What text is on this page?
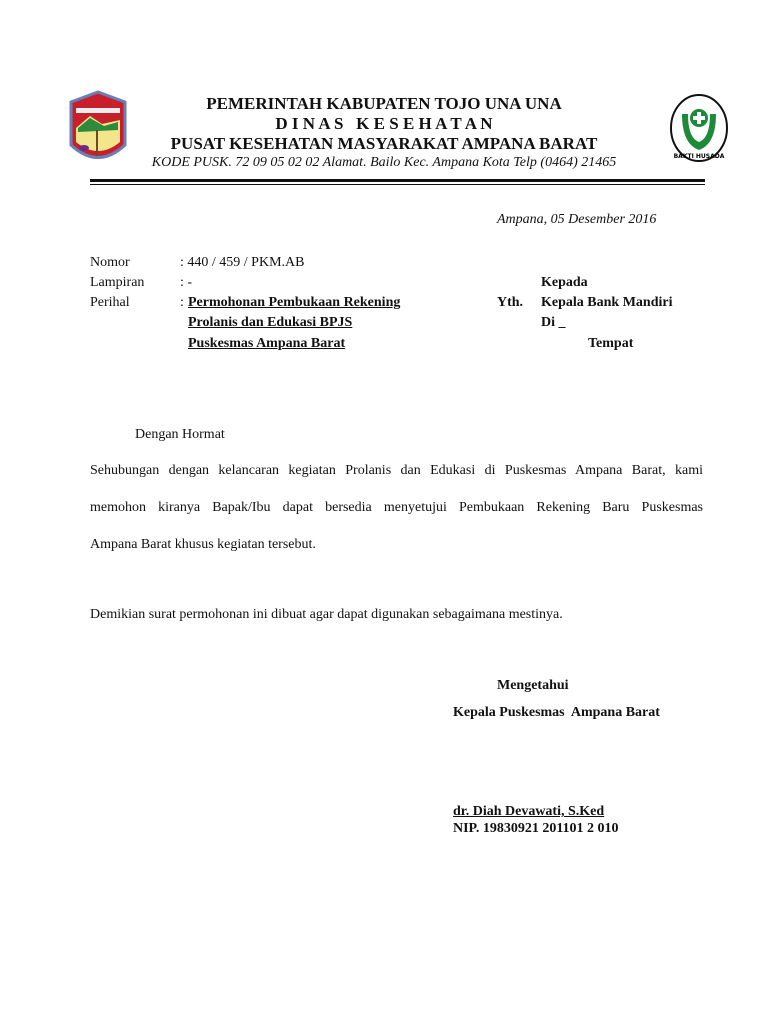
BAKTI HUSADA
PEMERINTAH KABUPATEN TOJO UNA UNA
D I N A S   K E S E H A T A N
PUSAT KESEHATAN MASYARAKAT AMPANA BARAT
KODE PUSK. 72 09 05 02 02 Alamat. Bailo Kec. Ampana Kota Telp (0464) 21465
Ampana, 05 Desember 2016
Nomor	: 440 / 459 / PKM.AB
Lampiran	: -
Perihal	: Permohonan Pembukaan Rekening
Prolanis dan Edukasi BPJS
Puskesmas Ampana Barat
Kepada
Yth. Kepala Bank Mandiri
Di _
Tempat
Dengan Hormat
Sehubungan dengan kelancaran kegiatan Prolanis dan Edukasi di Puskesmas Ampana Barat, kami
memohon kiranya Bapak/Ibu dapat bersedia menyetujui Pembukaan Rekening Baru Puskesmas
Ampana Barat khusus kegiatan tersebut.
Demikian surat permohonan ini dibuat agar dapat digunakan sebagaimana mestinya.
Mengetahui
Kepala Puskesmas  Ampana Barat
dr. Diah Devawati, S.Ked
NIP. 19830921 201101 2 010
